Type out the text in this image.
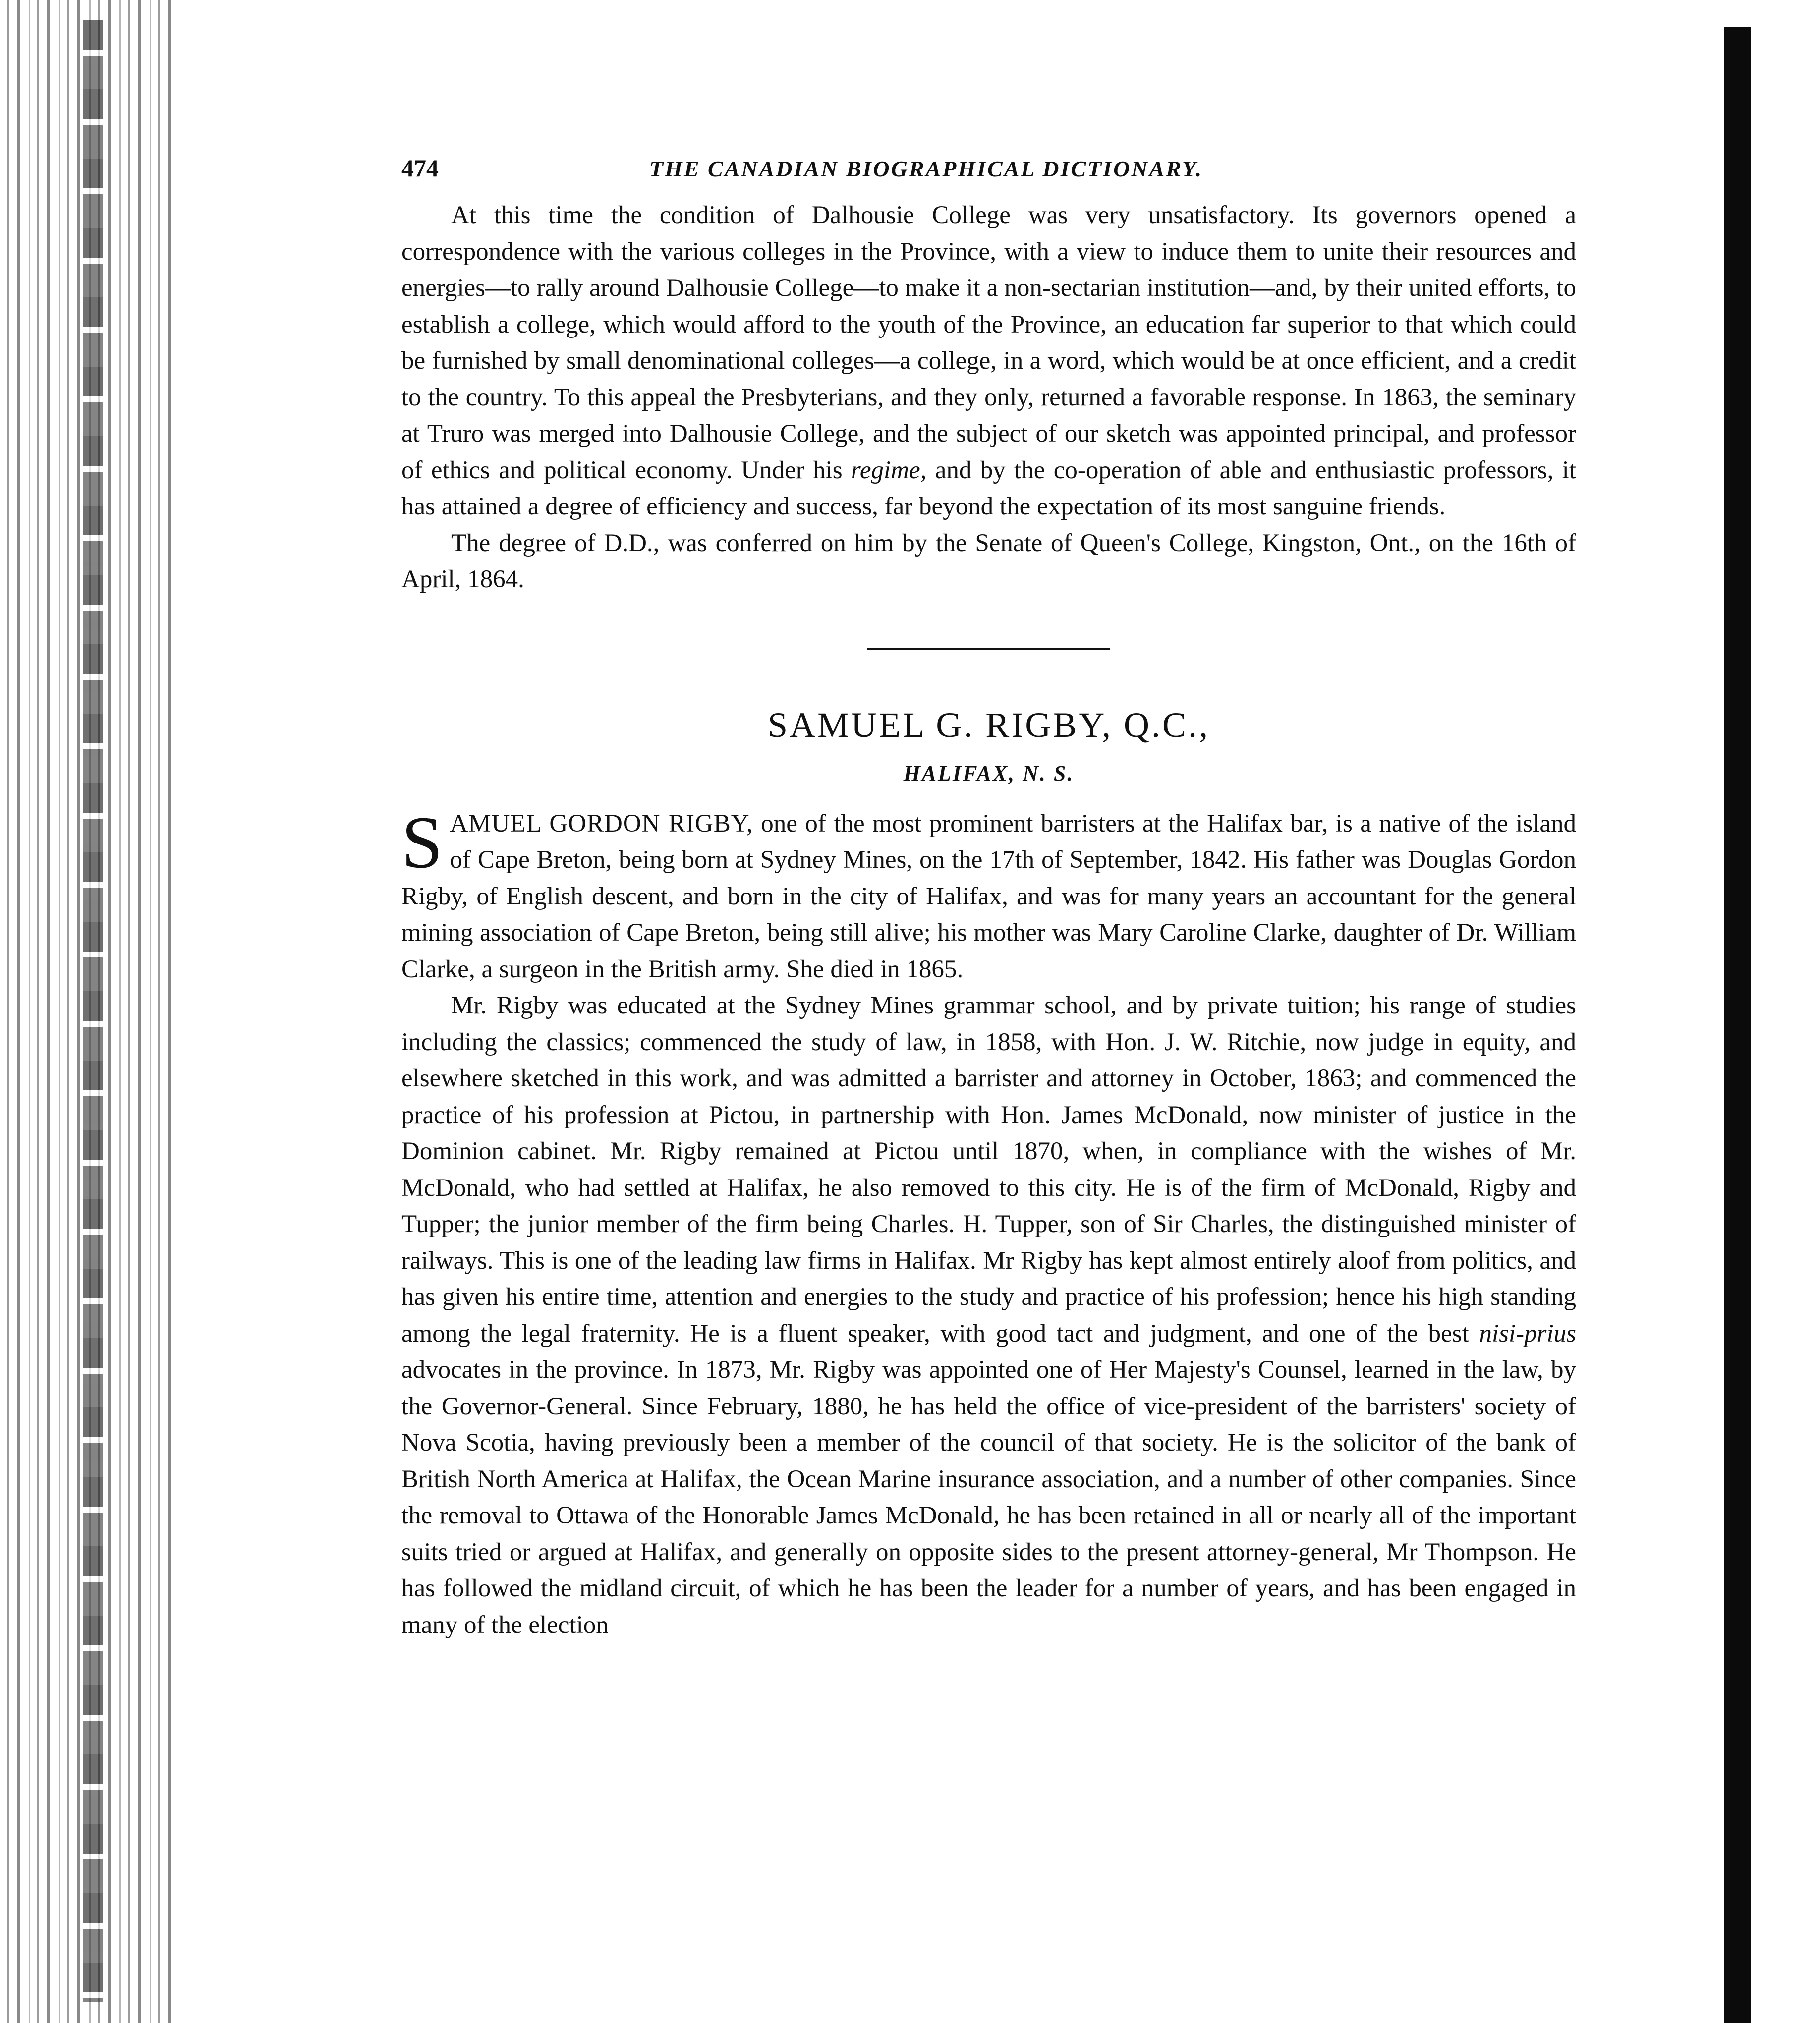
474	THE CANADIAN BIOGRAPHICAL DICTIONARY.

At this time the condition of Dalhousie College was very unsatisfactory. Its governors opened a correspondence with the various colleges in the Province, with a view to induce them to unite their resources and energies—to rally around Dalhousie College—to make it a non-sectarian institution—and, by their united efforts, to establish a college, which would afford to the youth of the Province, an education far superior to that which could be furnished by small denominational colleges—a college, in a word, which would be at once efficient, and a credit to the country. To this appeal the Presbyterians, and they only, returned a favorable response. In 1863, the seminary at Truro was merged into Dalhousie College, and the subject of our sketch was appointed principal, and professor of ethics and political economy. Under his regime, and by the co-operation of able and enthusiastic professors, it has attained a degree of efficiency and success, far beyond the expectation of its most sanguine friends.

The degree of D.D., was conferred on him by the Senate of Queen's College, Kingston, Ont., on the 16th of April, 1864.

SAMUEL G. RIGBY, Q.C.,
HALIFAX, N. S.

SAMUEL GORDON RIGBY, one of the most prominent barristers at the Halifax bar, is a native of the island of Cape Breton, being born at Sydney Mines, on the 17th of September, 1842. His father was Douglas Gordon Rigby, of English descent, and born in the city of Halifax, and was for many years an accountant for the general mining association of Cape Breton, being still alive; his mother was Mary Caroline Clarke, daughter of Dr. William Clarke, a surgeon in the British army. She died in 1865.

Mr. Rigby was educated at the Sydney Mines grammar school, and by private tuition; his range of studies including the classics; commenced the study of law, in 1858, with Hon. J. W. Ritchie, now judge in equity, and elsewhere sketched in this work, and was admitted a barrister and attorney in October, 1863; and commenced the practice of his profession at Pictou, in partnership with Hon. James McDonald, now minister of justice in the Dominion cabinet. Mr. Rigby remained at Pictou until 1870, when, in compliance with the wishes of Mr. McDonald, who had settled at Halifax, he also removed to this city. He is of the firm of McDonald, Rigby and Tupper; the junior member of the firm being Charles. H. Tupper, son of Sir Charles, the distinguished minister of railways. This is one of the leading law firms in Halifax. Mr Rigby has kept almost entirely aloof from politics, and has given his entire time, attention and energies to the study and practice of his profession; hence his high standing among the legal fraternity. He is a fluent speaker, with good tact and judgment, and one of the best nisi-prius advocates in the province. In 1873, Mr. Rigby was appointed one of Her Majesty's Counsel, learned in the law, by the Governor-General. Since February, 1880, he has held the office of vice-president of the barristers' society of Nova Scotia, having previously been a member of the council of that society. He is the solicitor of the bank of British North America at Halifax, the Ocean Marine insurance association, and a number of other companies. Since the removal to Ottawa of the Honorable James McDonald, he has been retained in all or nearly all of the important suits tried or argued at Halifax, and generally on opposite sides to the present attorney-general, Mr Thompson. He has followed the midland circuit, of which he has been the leader for a number of years, and has been engaged in many of the election
